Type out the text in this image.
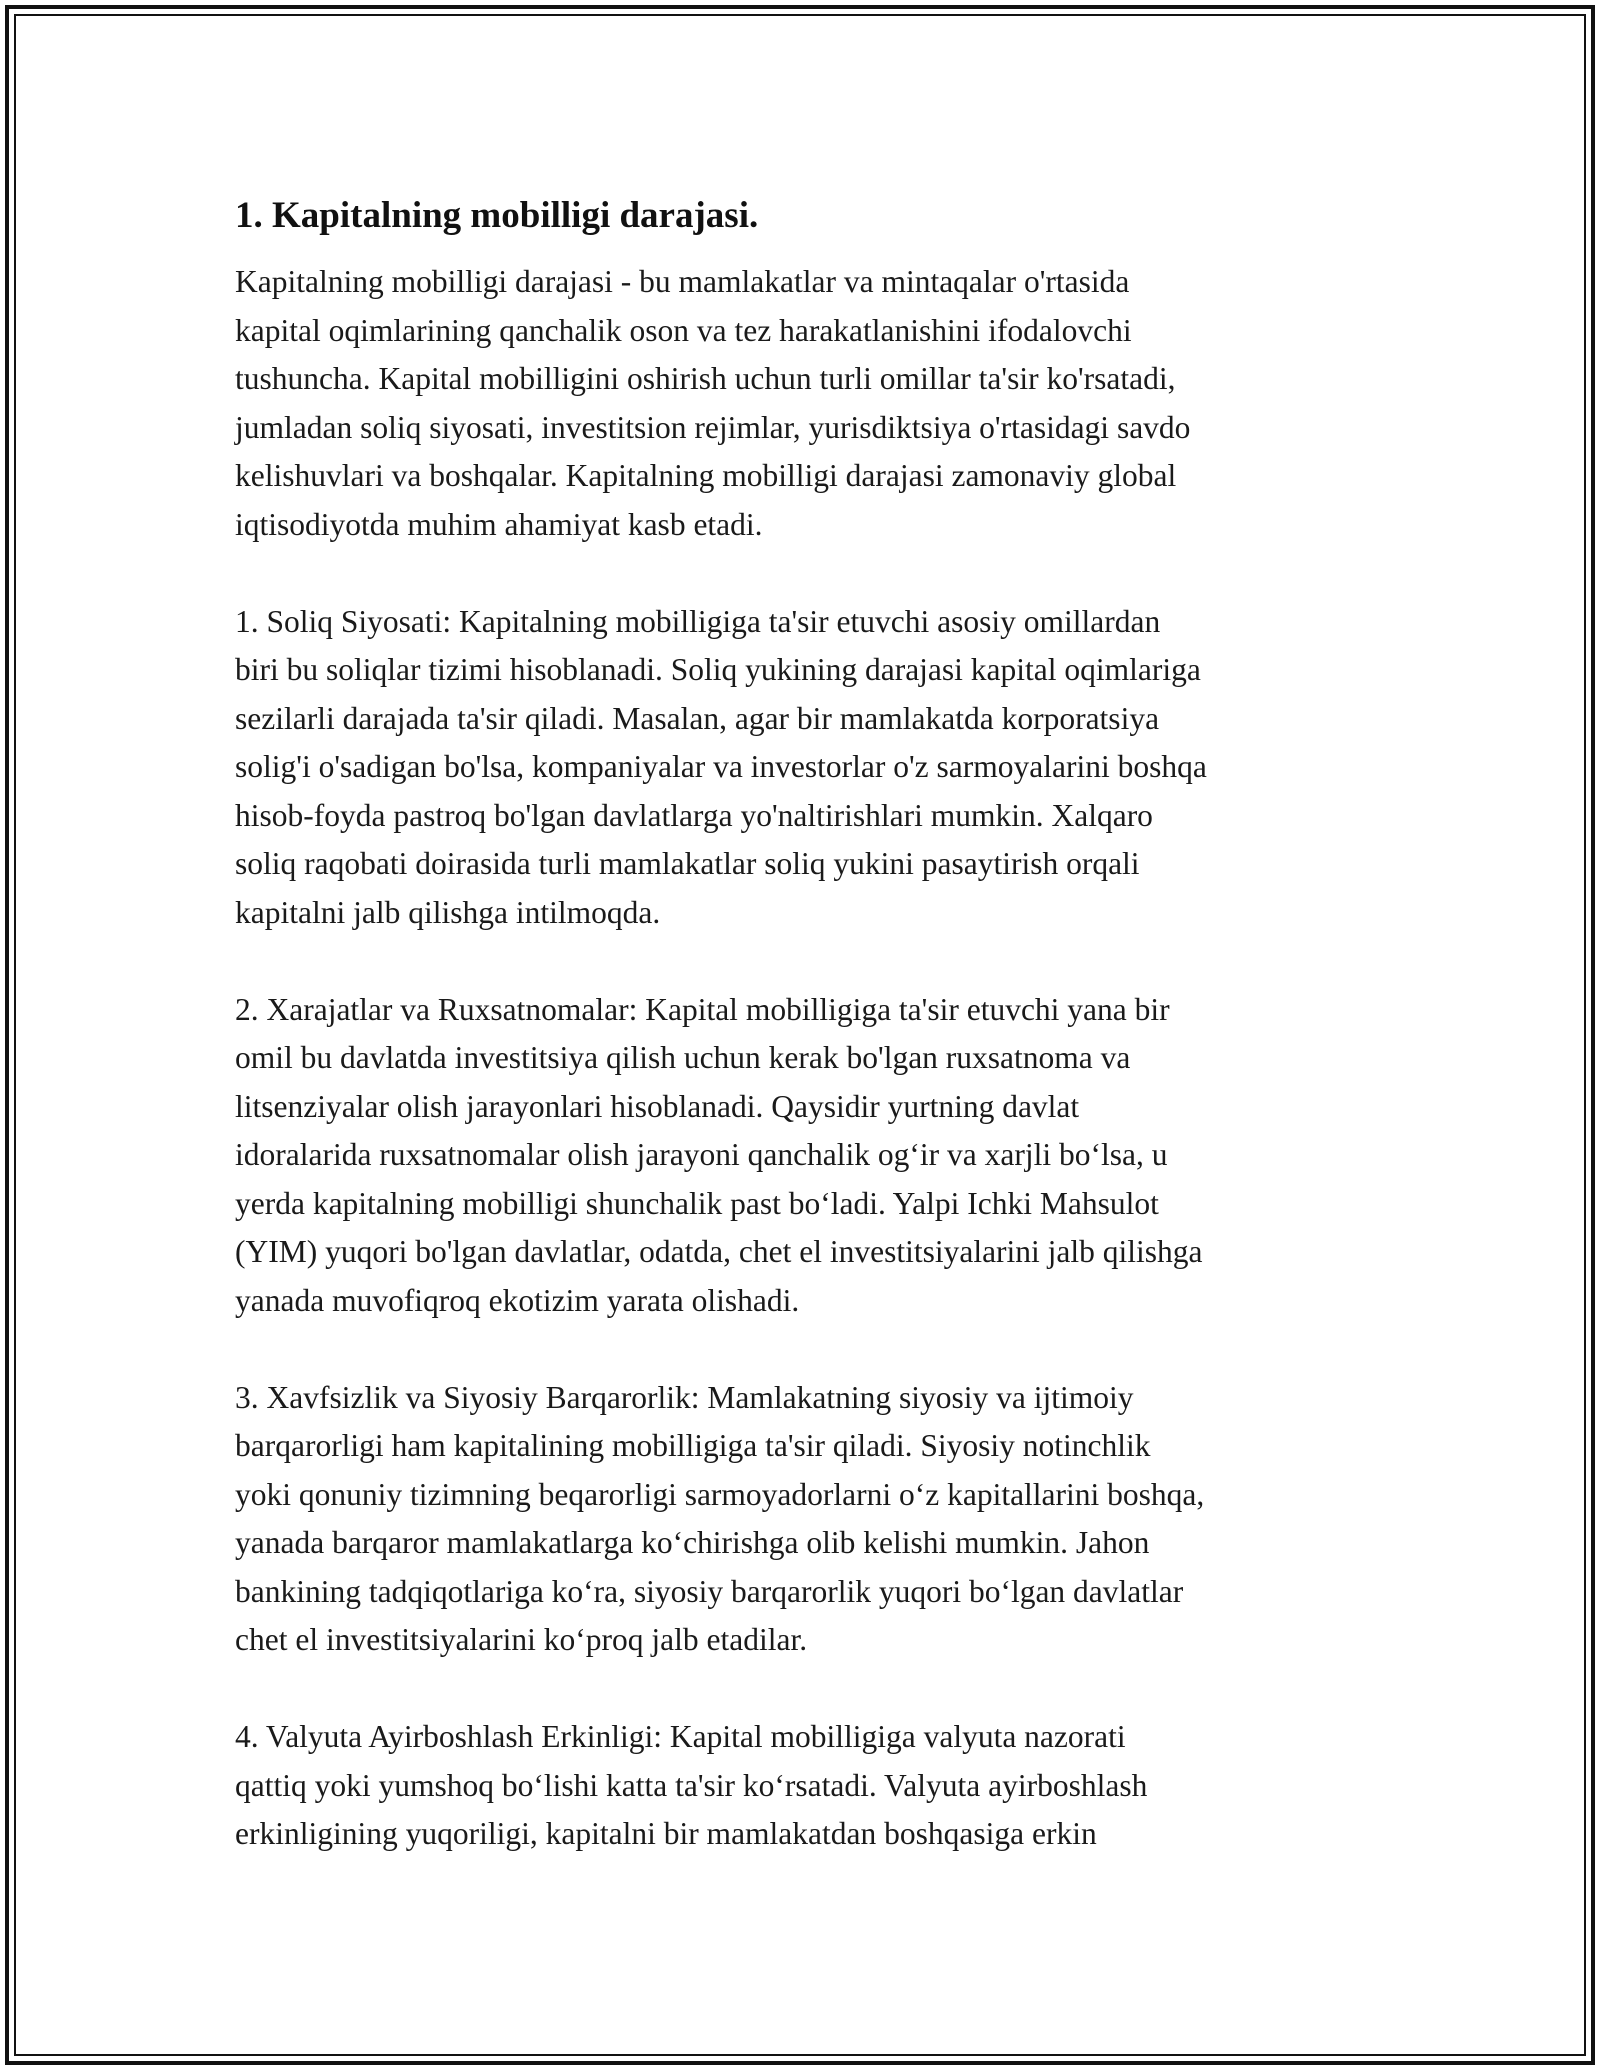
1. Kapitalning mobilligi darajasi.
Kapitalning mobilligi darajasi - bu mamlakatlar va mintaqalar o'rtasida
kapital oqimlarining qanchalik oson va tez harakatlanishini ifodalovchi
tushuncha. Kapital mobilligini oshirish uchun turli omillar ta'sir ko'rsatadi,
jumladan soliq siyosati, investitsion rejimlar, yurisdiktsiya o'rtasidagi savdo
kelishuvlari va boshqalar. Kapitalning mobilligi darajasi zamonaviy global
iqtisodiyotda muhim ahamiyat kasb etadi.
1. Soliq Siyosati: Kapitalning mobilligiga ta'sir etuvchi asosiy omillardan
biri bu soliqlar tizimi hisoblanadi. Soliq yukining darajasi kapital oqimlariga
sezilarli darajada ta'sir qiladi. Masalan, agar bir mamlakatda korporatsiya
solig'i o'sadigan bo'lsa, kompaniyalar va investorlar o'z sarmoyalarini boshqa
hisob-foyda pastroq bo'lgan davlatlarga yo'naltirishlari mumkin. Xalqaro
soliq raqobati doirasida turli mamlakatlar soliq yukini pasaytirish orqali
kapitalni jalb qilishga intilmoqda.
2. Xarajatlar va Ruxsatnomalar: Kapital mobilligiga ta'sir etuvchi yana bir
omil bu davlatda investitsiya qilish uchun kerak bo'lgan ruxsatnoma va
litsenziyalar olish jarayonlari hisoblanadi. Qaysidir yurtning davlat
idoralarida ruxsatnomalar olish jarayoni qanchalik og‘ir va xarjli bo‘lsa, u
yerda kapitalning mobilligi shunchalik past bo‘ladi. Yalpi Ichki Mahsulot
(YIM) yuqori bo'lgan davlatlar, odatda, chet el investitsiyalarini jalb qilishga
yanada muvofiqroq ekotizim yarata olishadi.
3. Xavfsizlik va Siyosiy Barqarorlik: Mamlakatning siyosiy va ijtimoiy
barqarorligi ham kapitalining mobilligiga ta'sir qiladi. Siyosiy notinchlik
yoki qonuniy tizimning beqarorligi sarmoyadorlarni o‘z kapitallarini boshqa,
yanada barqaror mamlakatlarga ko‘chirishga olib kelishi mumkin. Jahon
bankining tadqiqotlariga ko‘ra, siyosiy barqarorlik yuqori bo‘lgan davlatlar
chet el investitsiyalarini ko‘proq jalb etadilar.
4. Valyuta Ayirboshlash Erkinligi: Kapital mobilligiga valyuta nazorati
qattiq yoki yumshoq bo‘lishi katta ta'sir ko‘rsatadi. Valyuta ayirboshlash
erkinligining yuqoriligi, kapitalni bir mamlakatdan boshqasiga erkin
